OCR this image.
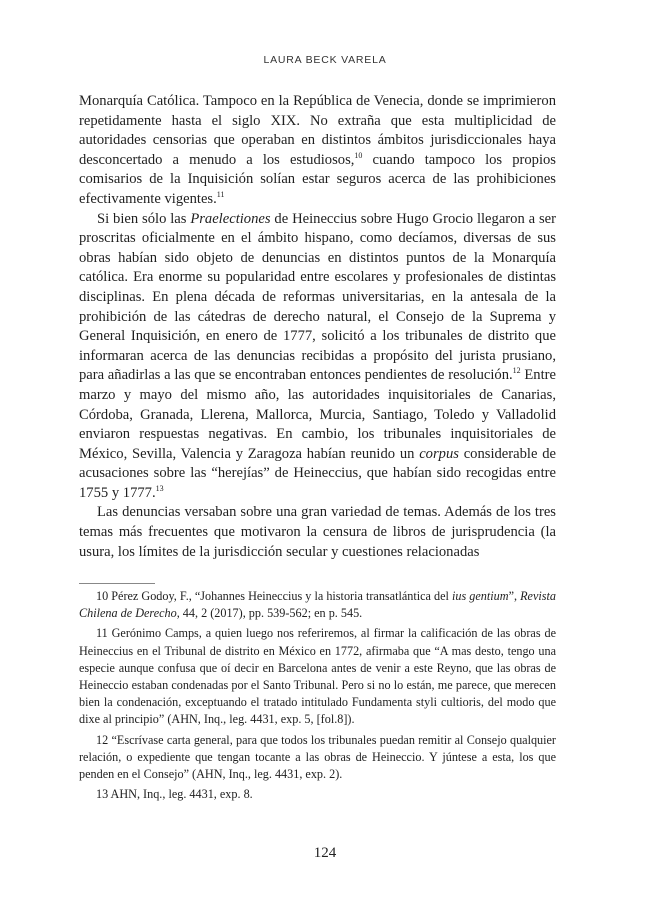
LAURA BECK VARELA

Monarquía Católica. Tampoco en la República de Venecia, donde se imprimieron repetidamente hasta el siglo XIX. No extraña que esta multiplicidad de autoridades censorias que operaban en distintos ámbitos jurisdiccionales haya desconcertado a menudo a los estudiosos,$^{10}$ cuando tampoco los propios comisarios de la Inquisición solían estar seguros acerca de las prohibiciones efectivamente vigentes.$^{11}$

Si bien sólo las Praelectiones de Heineccius sobre Hugo Grocio llegaron a ser proscritas oficialmente en el ámbito hispano, como decíamos, diversas de sus obras habían sido objeto de denuncias en distintos puntos de la Monarquía católica. Era enorme su popularidad entre escolares y profesionales de distintas disciplinas. En plena década de reformas universitarias, en la antesala de la prohibición de las cátedras de derecho natural, el Consejo de la Suprema y General Inquisición, en enero de 1777, solicitó a los tribunales de distrito que informaran acerca de las denuncias recibidas a propósito del jurista prusiano, para añadirlas a las que se encontraban entonces pendientes de resolución.$^{12}$ Entre marzo y mayo del mismo año, las autoridades inquisitoriales de Canarias, Córdoba, Granada, Llerena, Mallorca, Murcia, Santiago, Toledo y Valladolid enviaron respuestas negativas. En cambio, los tribunales inquisitoriales de México, Sevilla, Valencia y Zaragoza habían reunido un corpus considerable de acusaciones sobre las “herejías” de Heineccius, que habían sido recogidas entre 1755 y 1777.13

Las denuncias versaban sobre una gran variedad de temas. Además de los tres temas más frecuentes que motivaron la censura de libros de jurisprudencia (la usura, los límites de la jurisdicción secular y cuestiones relacionadas

10 Pérez Godoy, F., “Johannes Heineccius y la historia transatlántica del ius gentium”, Revista Chilena de Derecho, 44, 2 (2017), pp. 539-562; en p. 545.

11 Gerónimo Camps, a quien luego nos referiremos, al firmar la calificación de las obras de Heineccius en el Tribunal de distrito en México en 1772, afirmaba que “A mas desto, tengo una especie aunque confusa que oí decir en Barcelona antes de venir a este Reyno, que las obras de Heineccio estaban condenadas por el Santo Tribunal. Pero si no lo están, me parece, que merecen bien la condenación, exceptuando el tratado intitulado Fundamenta styli cultioris, del modo que dixe al principio” (AHN, Inq., leg. 4431, exp. 5, [fol.8]).

12 “Escrívase carta general, para que todos los tribunales puedan remitir al Consejo qualquier relación, o expediente que tengan tocante a las obras de Heineccio. Y júntese a esta, los que penden en el Consejo” (AHN, Inq., leg. 4431, exp. 2).

13 AHN, Inq., leg. 4431, exp. 8.

124
